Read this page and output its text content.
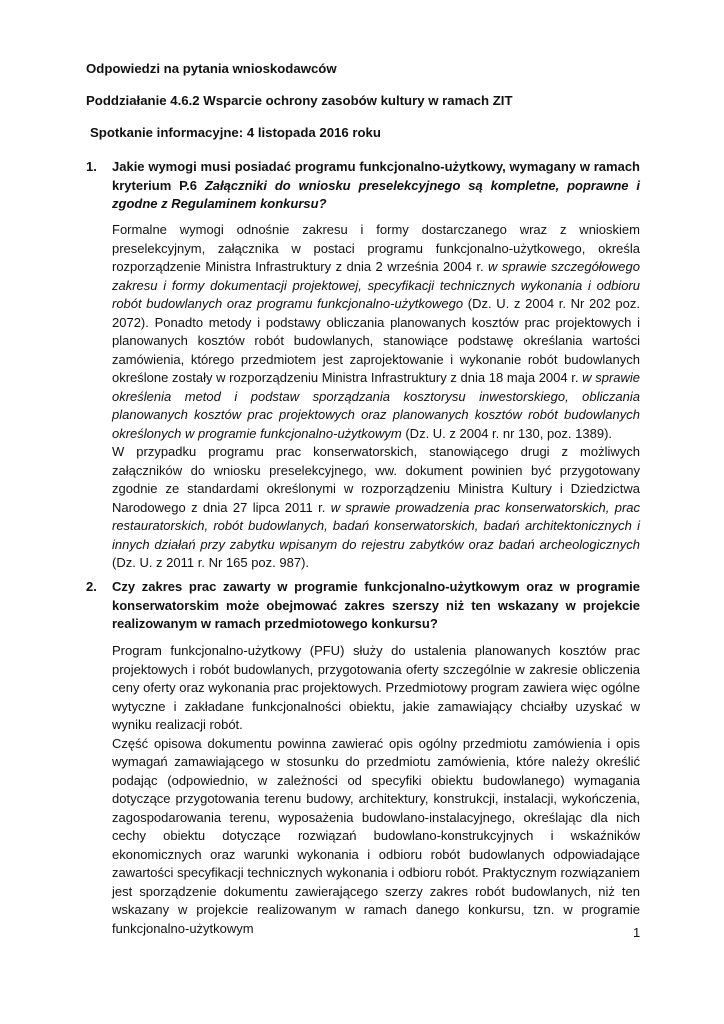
Odpowiedzi na pytania wnioskodawców
Poddziałanie 4.6.2 Wsparcie ochrony zasobów kultury w ramach ZIT
Spotkanie informacyjne: 4 listopada 2016 roku
1. Jakie wymogi musi posiadać programu funkcjonalno-użytkowy, wymagany w ramach kryterium P.6 Załączniki do wniosku preselekcyjnego są kompletne, poprawne i zgodne z Regulaminem konkursu?

Formalne wymogi odnośnie zakresu i formy dostarczanego wraz z wnioskiem preselekcyjnym, załącznika w postaci programu funkcjonalno-użytkowego, określa rozporządzenie Ministra Infrastruktury z dnia 2 września 2004 r. w sprawie szczegółowego zakresu i formy dokumentacji projektowej, specyfikacji technicznych wykonania i odbioru robót budowlanych oraz programu funkcjonalno-użytkowego (Dz. U. z 2004 r. Nr 202 poz. 2072). Ponadto metody i podstawy obliczania planowanych kosztów prac projektowych i planowanych kosztów robót budowlanych, stanowiące podstawę określania wartości zamówienia, którego przedmiotem jest zaprojektowanie i wykonanie robót budowlanych określone zostały w rozporządzeniu Ministra Infrastruktury z dnia 18 maja 2004 r. w sprawie określenia metod i podstaw sporządzania kosztorysu inwestorskiego, obliczania planowanych kosztów prac projektowych oraz planowanych kosztów robót budowlanych określonych w programie funkcjonalno-użytkowym (Dz. U. z 2004 r. nr 130, poz. 1389).

W przypadku programu prac konserwatorskich, stanowiącego drugi z możliwych załączników do wniosku preselekcyjnego, ww. dokument powinien być przygotowany zgodnie ze standardami określonymi w rozporządzeniu Ministra Kultury i Dziedzictwa Narodowego z dnia 27 lipca 2011 r. w sprawie prowadzenia prac konserwatorskich, prac restauratorskich, robót budowlanych, badań konserwatorskich, badań architektonicznych i innych działań przy zabytku wpisanym do rejestru zabytków oraz badań archeologicznych (Dz. U. z 2011 r. Nr 165 poz. 987).

2. Czy zakres prac zawarty w programie funkcjonalno-użytkowym oraz w programie konserwatorskim może obejmować zakres szerszy niż ten wskazany w projekcie realizowanym w ramach przedmiotowego konkursu?

Program funkcjonalno-użytkowy (PFU) służy do ustalenia planowanych kosztów prac projektowych i robót budowlanych, przygotowania oferty szczególnie w zakresie obliczenia ceny oferty oraz wykonania prac projektowych. Przedmiotowy program zawiera więc ogólne wytyczne i zakładane funkcjonalności obiektu, jakie zamawiający chciałby uzyskać w wyniku realizacji robót.

Część opisowa dokumentu powinna zawierać opis ogólny przedmiotu zamówienia i opis wymagań zamawiającego w stosunku do przedmiotu zamówienia, które należy określić podając (odpowiednio, w zależności od specyfiki obiektu budowlanego) wymagania dotyczące przygotowania terenu budowy, architektury, konstrukcji, instalacji, wykończenia, zagospodarowania terenu, wyposażenia budowlano-instalacyjnego, określając dla nich cechy obiektu dotyczące rozwiązań budowlano-konstrukcyjnych i wskaźników ekonomicznych oraz warunki wykonania i odbioru robót budowlanych odpowiadające zawartości specyfikacji technicznych wykonania i odbioru robót. Praktycznym rozwiązaniem jest sporządzenie dokumentu zawierającego szerzy zakres robót budowlanych, niż ten wskazany w projekcie realizowanym w ramach danego konkursu, tzn. w programie funkcjonalno-użytkowym	1
